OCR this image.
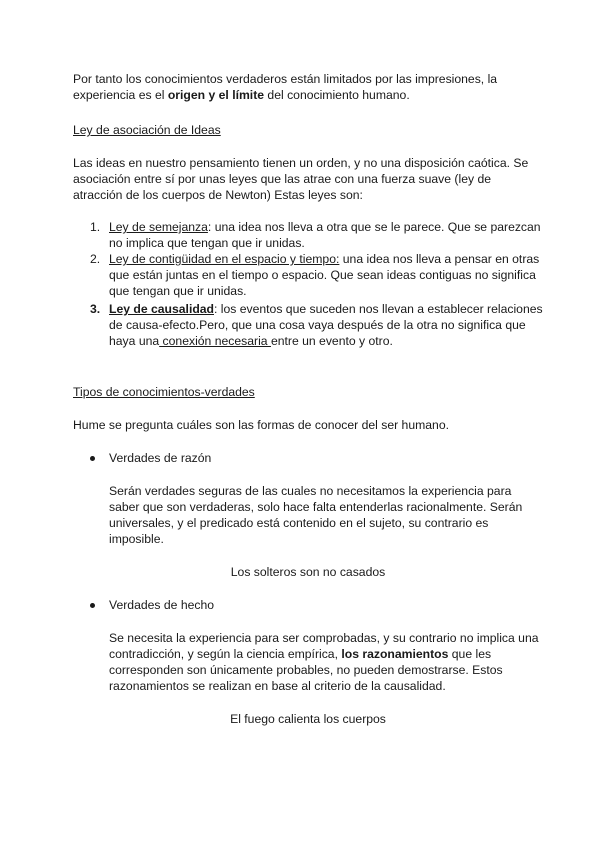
Por tanto los conocimientos verdaderos están limitados por las impresiones, la experiencia es el origen y el límite del conocimiento humano.

Ley de asociación de Ideas

Las ideas en nuestro pensamiento tienen un orden, y no una disposición caótica. Se asociación entre sí por unas leyes que las atrae con una fuerza suave (ley de atracción de los cuerpos de Newton) Estas leyes son:

1. Ley de semejanza: una idea nos lleva a otra que se le parece. Que se parezcan no implica que tengan que ir unidas.
2. Ley de contigüidad en el espacio y tiempo: una idea nos lleva a pensar en otras que están juntas en el tiempo o espacio. Que sean ideas contiguas no significa que tengan que ir unidas.
3. Ley de causalidad: los eventos que suceden nos llevan a establecer relaciones de causa-efecto.Pero, que una cosa vaya después de la otra no significa que haya una conexión necesaria entre un evento y otro.

Tipos de conocimientos-verdades

Hume se pregunta cuáles son las formas de conocer del ser humano.

Verdades de razón

Serán verdades seguras de las cuales no necesitamos la experiencia para saber que son verdaderas, solo hace falta entenderlas racionalmente. Serán universales, y el predicado está contenido en el sujeto, su contrario es imposible.

Los solteros son no casados

Verdades de hecho

Se necesita la experiencia para ser comprobadas, y su contrario no implica una contradicción, y según la ciencia empírica, los razonamientos que les corresponden son únicamente probables, no pueden demostrarse. Estos razonamientos se realizan en base al criterio de la causalidad.

El fuego calienta los cuerpos
